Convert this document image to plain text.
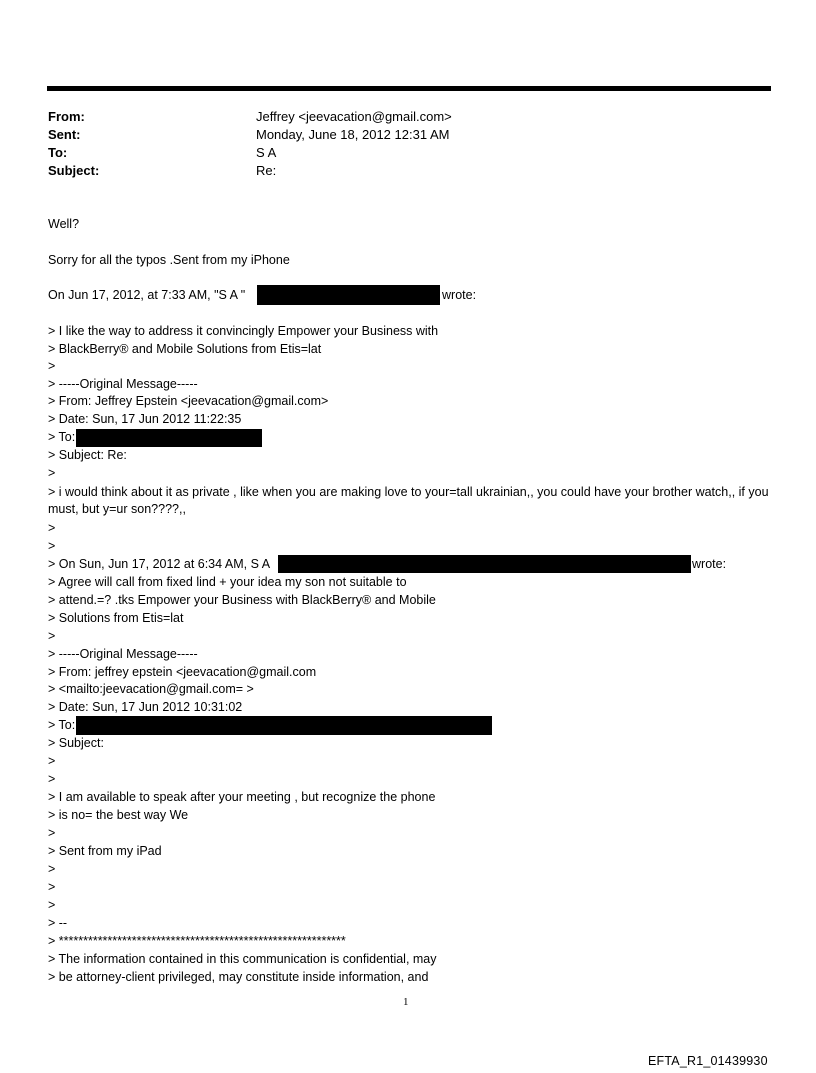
From:	Jeffrey <jeevacation@gmail.com>
Sent:	Monday, June 18, 2012 12:31 AM
To:	S A
Subject:	Re:
Well?
Sorry for all the typos .Sent from my iPhone
On Jun 17, 2012, at 7:33 AM, "S A "	wrote:
> I like the way to address it convincingly Empower your Business with
> BlackBerry® and Mobile Solutions from Etis=lat
>
> -----Original Message-----
> From: Jeffrey Epstein <jeevacation@gmail.com>
> Date: Sun, 17 Jun 2012 11:22:35
> To:
> Subject: Re:
>
> i would think about it as private , like when you are making love to your=tall ukrainian,, you could have your brother watch,, if you must, but y=ur son????,,
>
>
> On Sun, Jun 17, 2012 at 6:34 AM, S A	wrote:
> Agree will call from fixed lind + your idea my son not suitable to
> attend.=? .tks Empower your Business with BlackBerry® and Mobile
> Solutions from Etis=lat
>
> -----Original Message-----
> From: jeffrey epstein <jeevacation@gmail.com
> <mailto:jeevacation@gmail.com= >
> Date: Sun, 17 Jun 2012 10:31:02
> To:
> Subject:
>
>
> I am available to speak after your meeting , but recognize the phone
> is no= the best way We
>
> Sent from my iPad
>
>
>
> --
> ***********************************************************
> The information contained in this communication is confidential, may
> be attorney-client privileged, may constitute inside information, and
1
EFTA_R1_01439930
